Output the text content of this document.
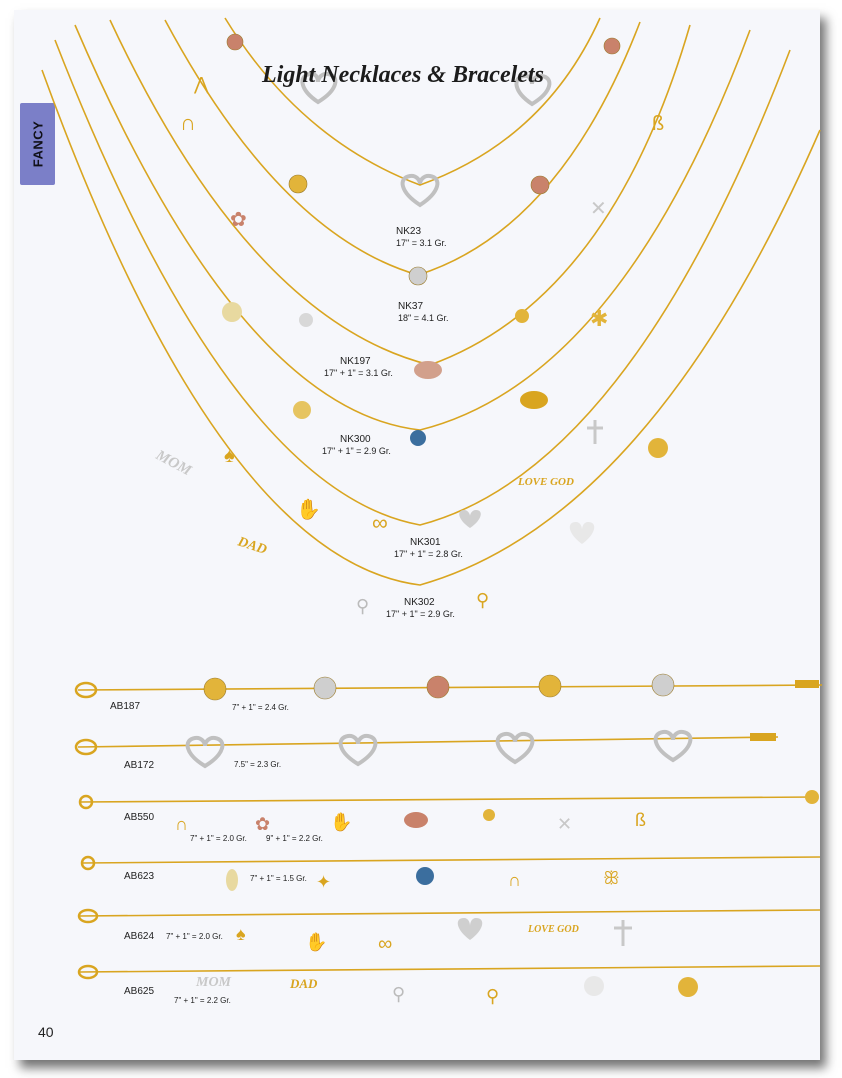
FANCY	∩
✿
∞
✕
ß
✱
♠
✋
⚲	⚲
⋀
MOM
DAD
LOVE GOD
MOM	DAD
LOVE GOD
∩	✿	✋	✕	ß
✦	∩	ꕥ
♠	✋	∞
⚲	⚲
Light Necklaces & Bracelets
NK23
17" = 3.1 Gr.
NK37
18" = 4.1 Gr.
NK197
17" + 1" = 3.1 Gr.
NK300
17" + 1" = 2.9 Gr.
NK301
17" + 1" = 2.8 Gr.
NK302
17" + 1" = 2.9 Gr.
AB187	7" + 1" = 2.4 Gr.
AB172	7.5" = 2.3 Gr.
AB550
7" + 1" = 2.0 Gr. 9" + 1" = 2.2 Gr.
AB623	7" + 1" = 1.5 Gr.
AB624 7" + 1" = 2.0 Gr.
AB625
7" + 1" = 2.2 Gr.
40
